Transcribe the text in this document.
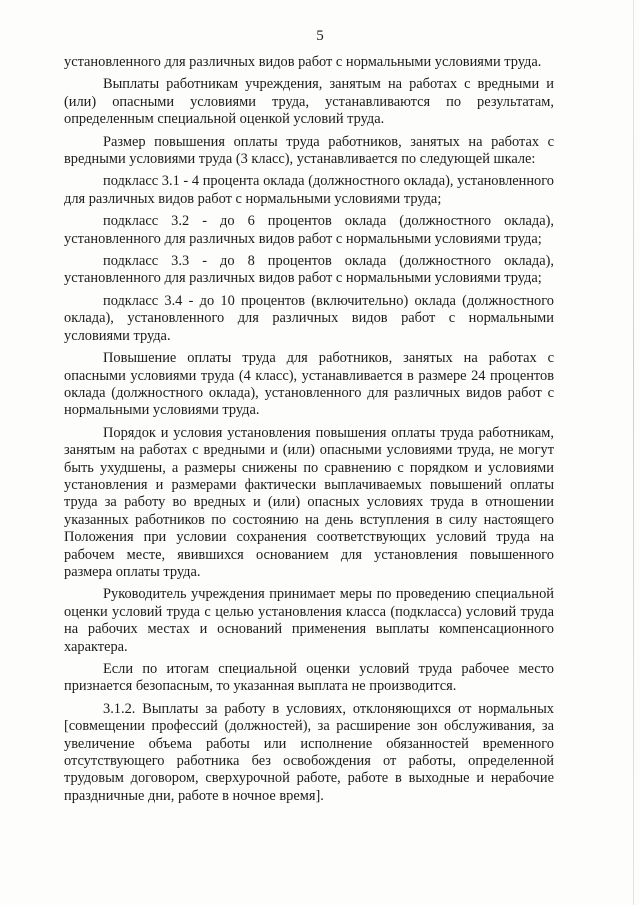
5

установленного для различных видов работ с нормальными условиями труда.

Выплаты работникам учреждения, занятым на работах с вредными и (или) опасными условиями труда, устанавливаются по результатам, определенным специальной оценкой условий труда.

Размер повышения оплаты труда работников, занятых на работах с вредными условиями труда (3 класс), устанавливается по следующей шкале:

подкласс 3.1 - 4 процента оклада (должностного оклада), установленного для различных видов работ с нормальными условиями труда;

подкласс 3.2 - до 6 процентов оклада (должностного оклада), установленного для различных видов работ с нормальными условиями труда;

подкласс 3.3 - до 8 процентов оклада (должностного оклада), установленного для различных видов работ с нормальными условиями труда;

подкласс 3.4 - до 10 процентов (включительно) оклада (должностного оклада), установленного для различных видов работ с нормальными условиями труда.

Повышение оплаты труда для работников, занятых на работах с опасными условиями труда (4 класс), устанавливается в размере 24 процентов оклада (должностного оклада), установленного для различных видов работ с нормальными условиями труда.

Порядок и условия установления повышения оплаты труда работникам, занятым на работах с вредными и (или) опасными условиями труда, не могут быть ухудшены, а размеры снижены по сравнению с порядком и условиями установления и размерами фактически выплачиваемых повышений оплаты труда за работу во вредных и (или) опасных условиях труда в отношении указанных работников по состоянию на день вступления в силу настоящего Положения при условии сохранения соответствующих условий труда на рабочем месте, явившихся основанием для установления повышенного размера оплаты труда.

Руководитель учреждения принимает меры по проведению специальной оценки условий труда с целью установления класса (подкласса) условий труда на рабочих местах и оснований применения выплаты компенсационного характера.

Если по итогам специальной оценки условий труда рабочее место признается безопасным, то указанная выплата не производится.

3.1.2. Выплаты за работу в условиях, отклоняющихся от нормальных [совмещении профессий (должностей), за расширение зон обслуживания, за увеличение объема работы или исполнение обязанностей временного отсутствующего работника без освобождения от работы, определенной трудовым договором, сверхурочной работе, работе в выходные и нерабочие праздничные дни, работе в ночное время].
